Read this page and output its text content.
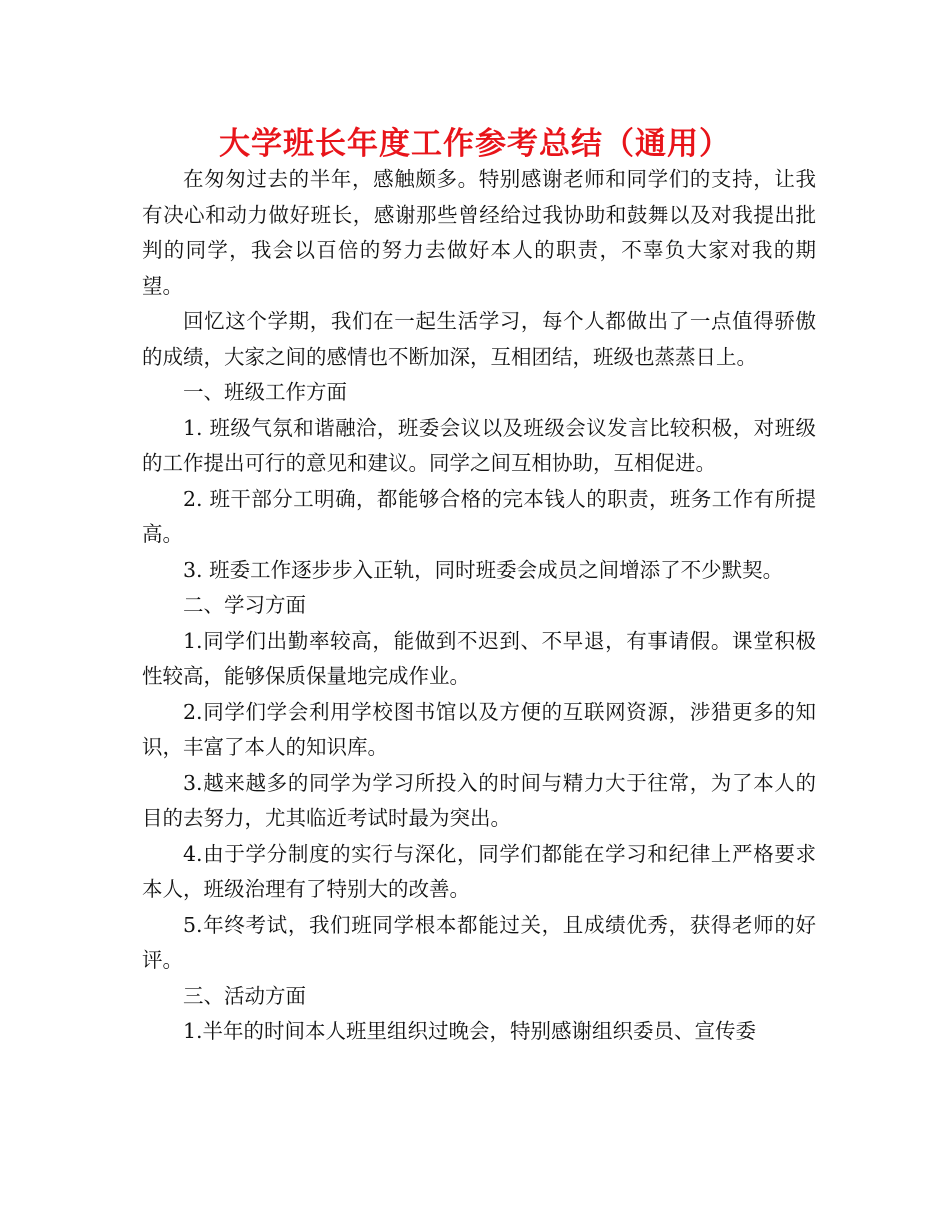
大学班长年度工作参考总结（通用）

在匆匆过去的半年，感触颇多。特别感谢老师和同学们的支持，让我有决心和动力做好班长，感谢那些曾经给过我协助和鼓舞以及对我提出批判的同学，我会以百倍的努力去做好本人的职责，不辜负大家对我的期望。

回忆这个学期，我们在一起生活学习，每个人都做出了一点值得骄傲的成绩，大家之间的感情也不断加深，互相团结，班级也蒸蒸日上。

一、班级工作方面

1. 班级气氛和谐融洽，班委会议以及班级会议发言比较积极，对班级的工作提出可行的意见和建议。同学之间互相协助，互相促进。

2. 班干部分工明确，都能够合格的完本钱人的职责，班务工作有所提高。

3. 班委工作逐步步入正轨，同时班委会成员之间增添了不少默契。

二、学习方面

1.同学们出勤率较高，能做到不迟到、不早退，有事请假。课堂积极性较高，能够保质保量地完成作业。

2.同学们学会利用学校图书馆以及方便的互联网资源，涉猎更多的知识，丰富了本人的知识库。

3.越来越多的同学为学习所投入的时间与精力大于往常，为了本人的目的去努力，尤其临近考试时最为突出。

4.由于学分制度的实行与深化，同学们都能在学习和纪律上严格要求本人，班级治理有了特别大的改善。

5.年终考试，我们班同学根本都能过关，且成绩优秀，获得老师的好评。

三、活动方面

1.半年的时间本人班里组织过晚会，特别感谢组织委员、宣传委
